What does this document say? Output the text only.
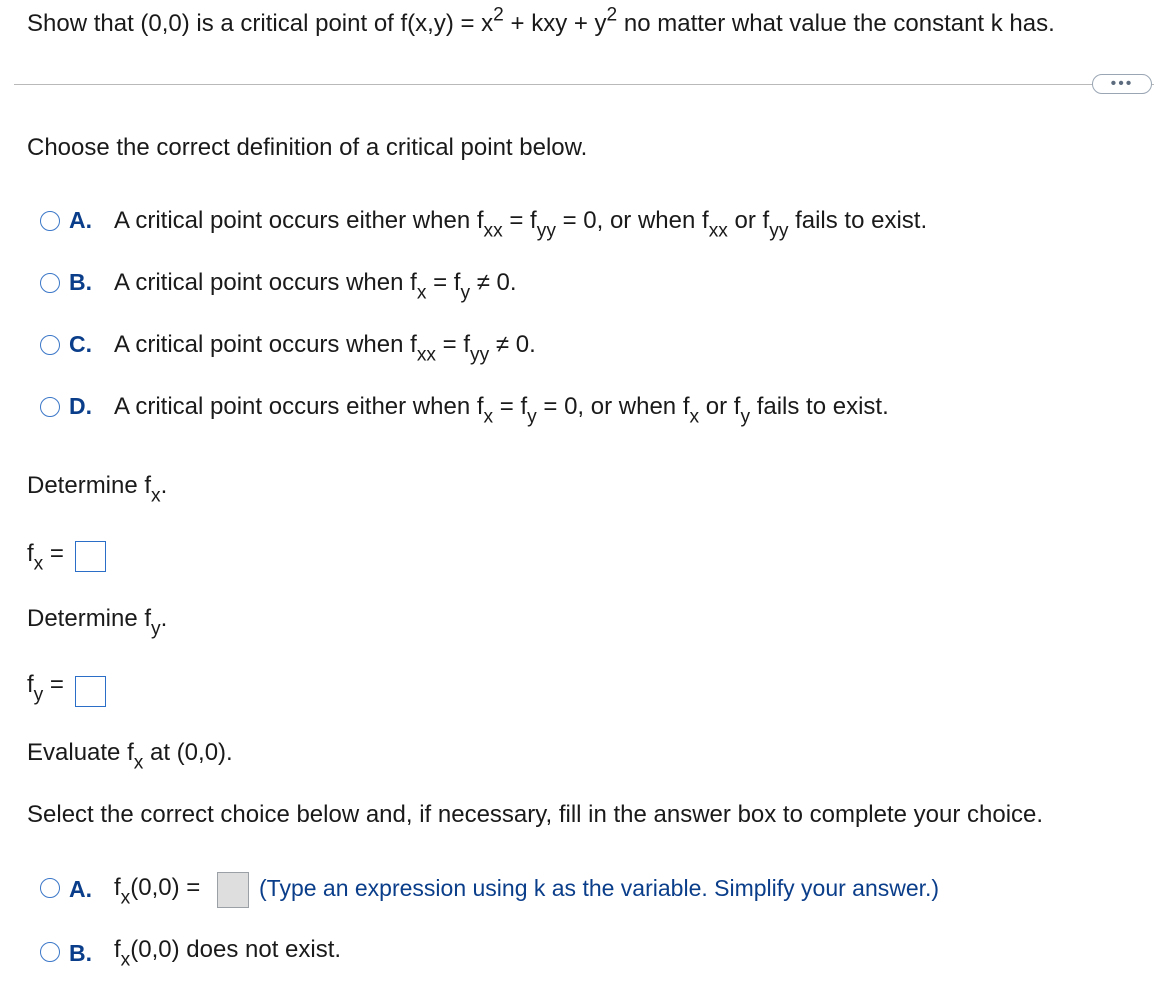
Show that (0,0) is a critical point of $f(x,y) = x^2$ + kxy + $y^2$ no matter what value the constant k has.
•••
Choose the correct definition of a critical point below.
A. A critical point occurs either when $f_{xx} = f_{yy} = 0$, or when $f_{xx}$ or $f_{yy}$ fails to exist.
B. A critical point occurs when $f_x = f_y \ne 0$.
C. A critical point occurs when $f_{xx} = f_{yy} \ne 0$.
D. A critical point occurs either when $f_x = f_y = 0$, or when $f_x$ or $f_y$ fails to exist.
Determine $f_x$.
$f_x$ =
Determine $f_y$.
$f_y$ =
Evaluate $f_x$ at (0,0).
Select the correct choice below and, if necessary, fill in the answer box to complete your choice.
A. $f_x(0,0)$ =	(Type an expression using k as the variable. Simplify your answer.)
B. $f_x(0,0)$ does not exist.
